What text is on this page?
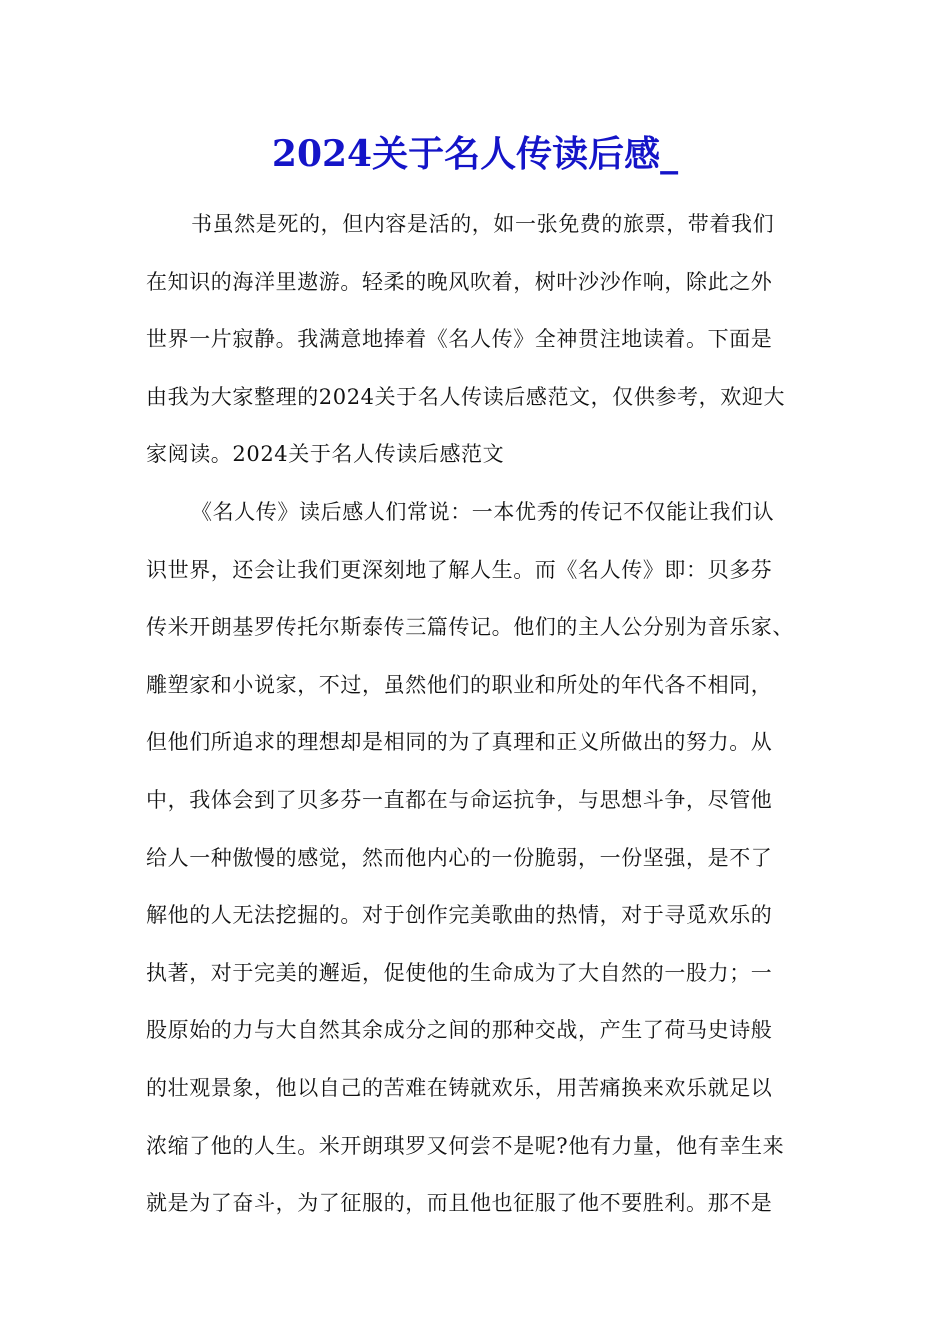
2024关于名人传读后感_
书虽然是死的，但内容是活的，如一张免费的旅票，带着我们
在知识的海洋里遨游。轻柔的晚风吹着，树叶沙沙作响，除此之外
世界一片寂静。我满意地捧着《名人传》全神贯注地读着。下面是
由我为大家整理的2024关于名人传读后感范文，仅供参考，欢迎大
家阅读。2024关于名人传读后感范文
《名人传》读后感人们常说：一本优秀的传记不仅能让我们认
识世界，还会让我们更深刻地了解人生。而《名人传》即：贝多芬
传米开朗基罗传托尔斯泰传三篇传记。他们的主人公分别为音乐家、
雕塑家和小说家，不过，虽然他们的职业和所处的年代各不相同，
但他们所追求的理想却是相同的为了真理和正义所做出的努力。从
中，我体会到了贝多芬一直都在与命运抗争，与思想斗争，尽管他
给人一种傲慢的感觉，然而他内心的一份脆弱，一份坚强，是不了
解他的人无法挖掘的。对于创作完美歌曲的热情，对于寻觅欢乐的
执著，对于完美的邂逅，促使他的生命成为了大自然的一股力；一
股原始的力与大自然其余成分之间的那种交战，产生了荷马史诗般
的壮观景象，他以自己的苦难在铸就欢乐，用苦痛换来欢乐就足以
浓缩了他的人生。米开朗琪罗又何尝不是呢?他有力量，他有幸生来
就是为了奋斗，为了征服的，而且他也征服了他不要胜利。那不是
